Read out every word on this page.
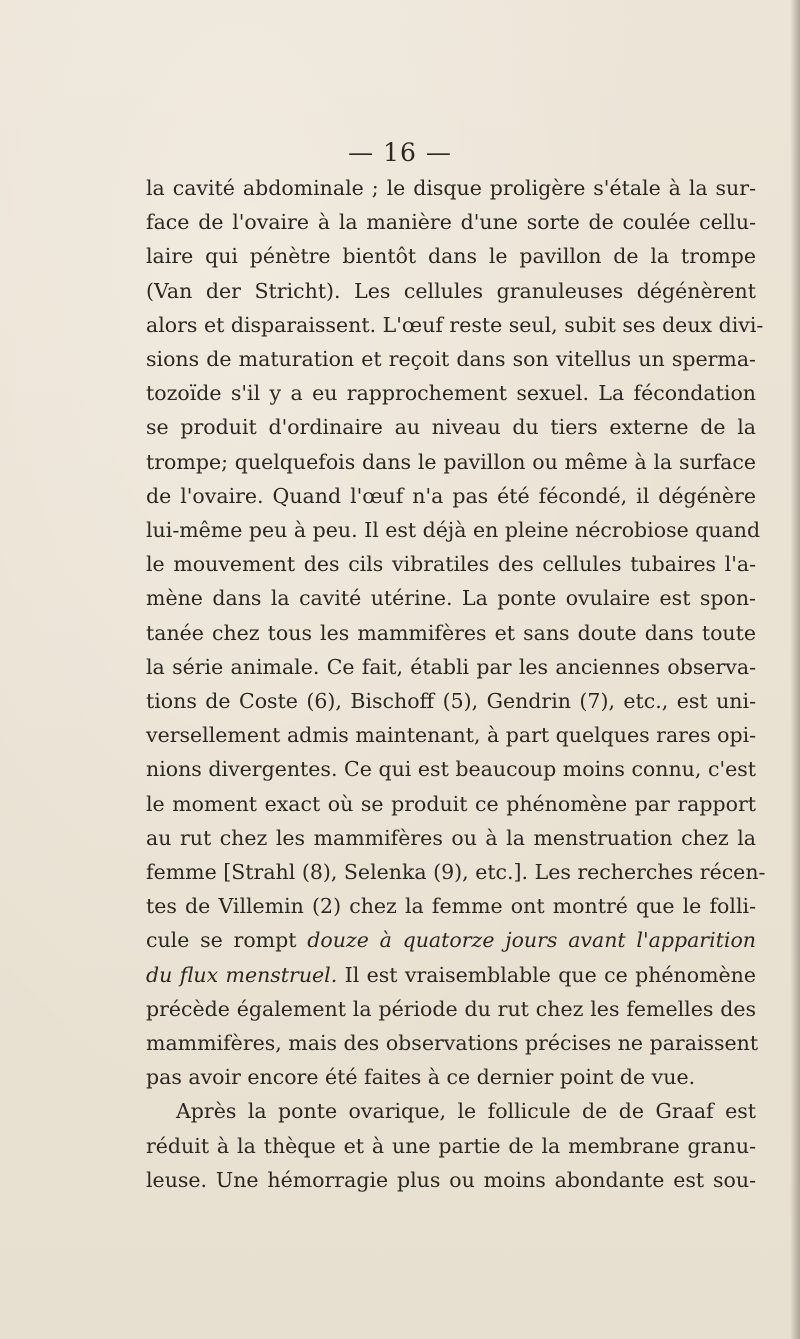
— 16 —
la cavité abdominale ; le disque proligère s'étale à la sur-
face de l'ovaire à la manière d'une sorte de coulée cellu-
laire qui pénètre bientôt dans le pavillon de la trompe
(Van der Stricht). Les cellules granuleuses dégénèrent
alors et disparaissent. L'œuf reste seul, subit ses deux divi-
sions de maturation et reçoit dans son vitellus un sperma-
tozoïde s'il y a eu rapprochement sexuel. La fécondation
se produit d'ordinaire au niveau du tiers externe de la
trompe; quelquefois dans le pavillon ou même à la surface
de l'ovaire. Quand l'œuf n'a pas été fécondé, il dégénère
lui-même peu à peu. Il est déjà en pleine nécrobiose quand
le mouvement des cils vibratiles des cellules tubaires l'a-
mène dans la cavité utérine. La ponte ovulaire est spon-
tanée chez tous les mammifères et sans doute dans toute
la série animale. Ce fait, établi par les anciennes observa-
tions de Coste (6), Bischoff (5), Gendrin (7), etc., est uni-
versellement admis maintenant, à part quelques rares opi-
nions divergentes. Ce qui est beaucoup moins connu, c'est
le moment exact où se produit ce phénomène par rapport
au rut chez les mammifères ou à la menstruation chez la
femme [Strahl (8), Selenka (9), etc.]. Les recherches récen-
tes de Villemin (2) chez la femme ont montré que le folli-
cule se rompt douze à quatorze jours avant l'apparition
du flux menstruel. Il est vraisemblable que ce phénomène
précède également la période du rut chez les femelles des
mammifères, mais des observations précises ne paraissent
pas avoir encore été faites à ce dernier point de vue.
Après la ponte ovarique, le follicule de de Graaf est
réduit à la thèque et à une partie de la membrane granu-
leuse. Une hémorragie plus ou moins abondante est sou-
